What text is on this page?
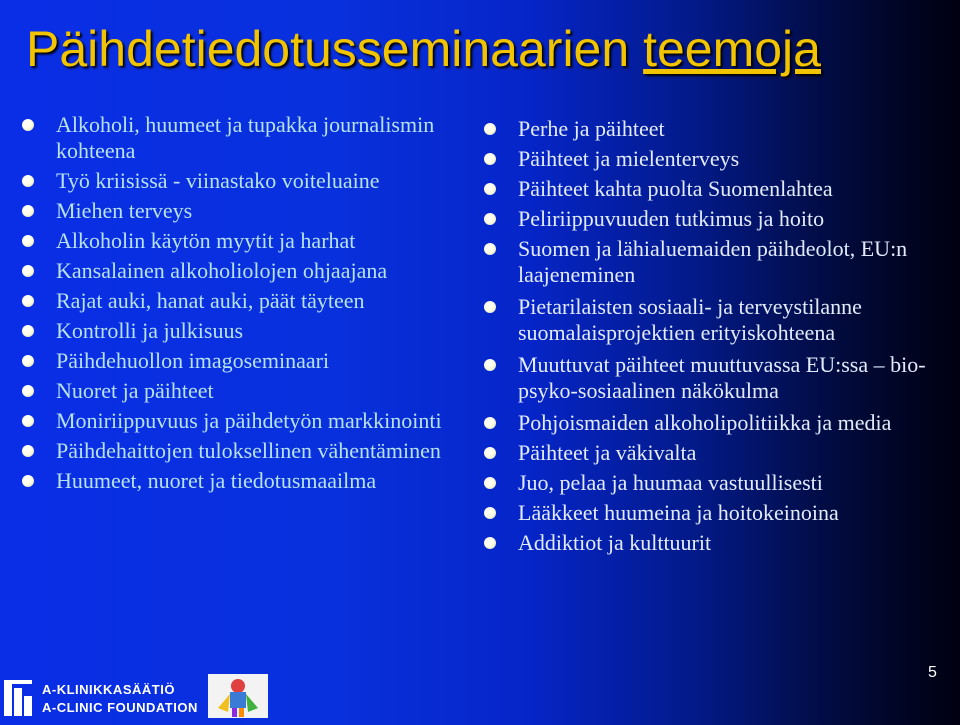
Päihdetiedotusseminaarien teemoja
Alkoholi, huumeet ja tupakka journalismin kohteena
Työ kriisissä - viinastako voiteluaine
Miehen terveys
Alkoholin käytön myytit ja harhat
Kansalainen alkoholiolojen ohjaajana
Rajat auki, hanat auki, päät täyteen
Kontrolli ja julkisuus
Päihdehuollon imagoseminaari
Nuoret ja päihteet
Moniriippuvuus ja päihdetyön markkinointi
Päihdehaittojen tuloksellinen vähentäminen
Huumeet, nuoret ja tiedotusmaailma
Perhe ja päihteet
Päihteet ja mielenterveys
Päihteet kahta puolta Suomenlahtea
Peliriippuvuuden tutkimus ja hoito
Suomen ja lähialuemaiden päihdeolot, EU:n laajeneminen
Pietarilaisten sosiaali- ja terveystilanne suomalaisprojektien erityiskohteena
Muuttuvat päihteet muuttuvassa EU:ssa – bio-psyko-sosiaalinen näkökulma
Pohjoismaiden alkoholipolitiikka ja media
Päihteet ja väkivalta
Juo, pelaa ja huumaa vastuullisesti
Lääkkeet huumeina ja hoitokeinoina
Addiktiot ja kulttuurit
A-KLINIKKASÄÄTIÖ
A-CLINIC FOUNDATION
5
